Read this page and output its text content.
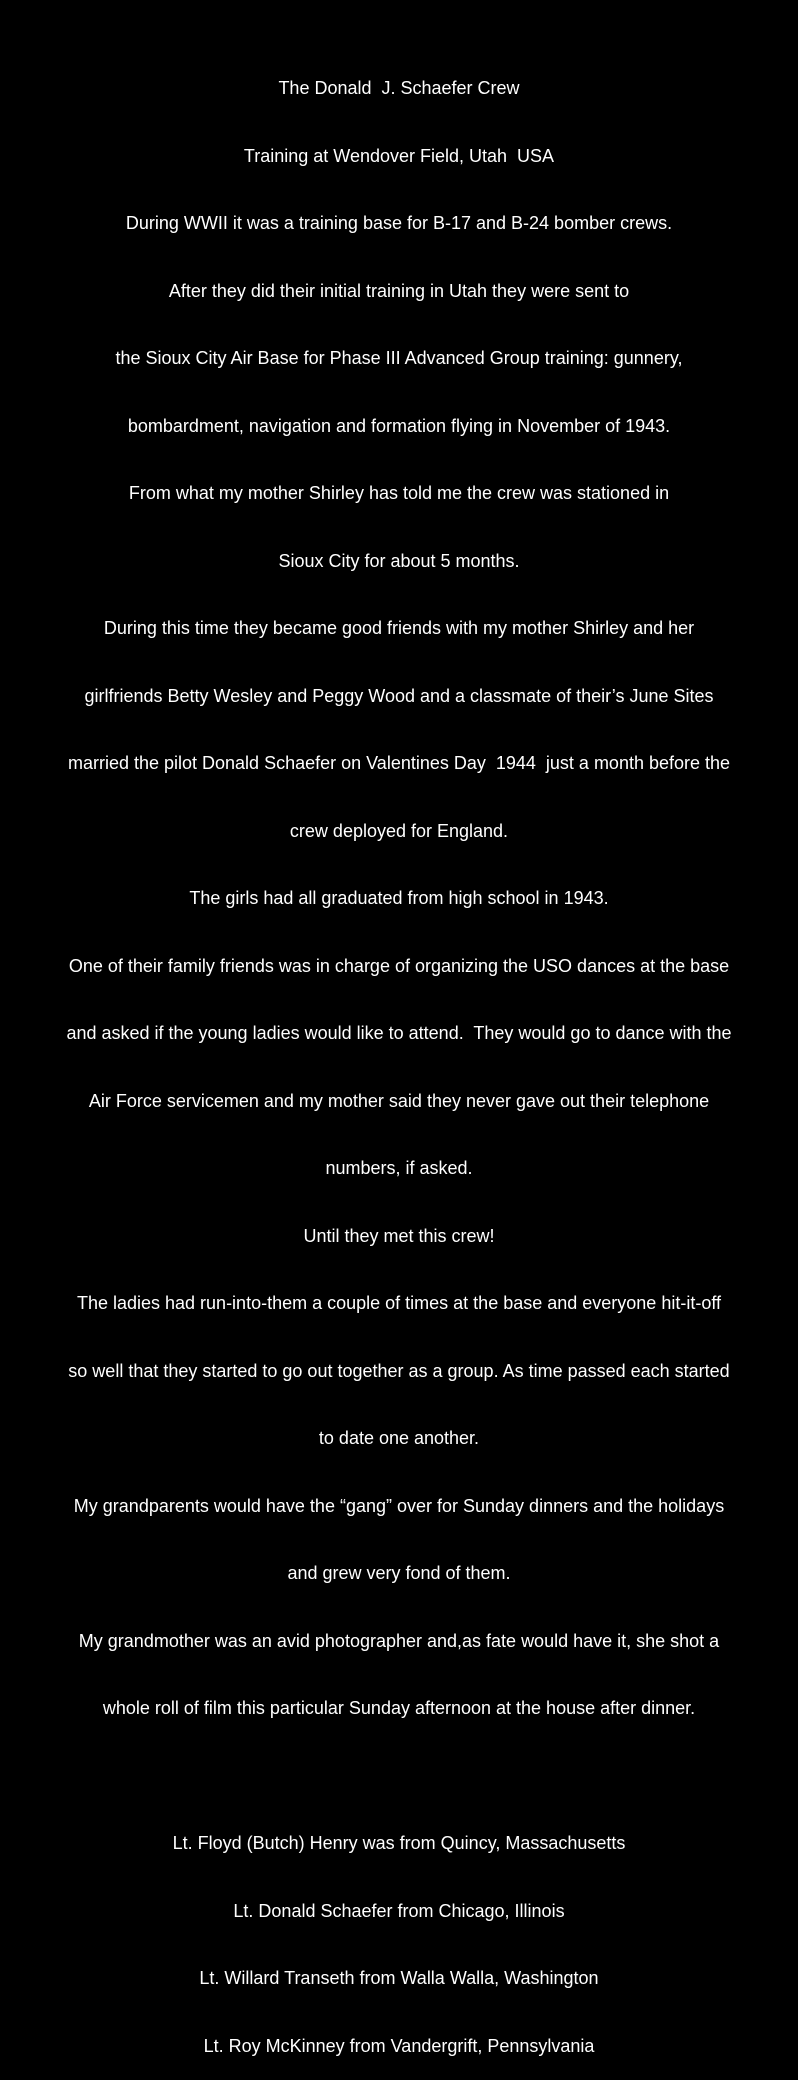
The Donald  J. Schaefer Crew

Training at Wendover Field, Utah  USA

During WWII it was a training base for B-17 and B-24 bomber crews.

After they did their initial training in Utah they were sent to

the Sioux City Air Base for Phase III Advanced Group training: gunnery,

bombardment, navigation and formation flying in November of 1943.

From what my mother Shirley has told me the crew was stationed in

Sioux City for about 5 months.

During this time they became good friends with my mother Shirley and her

girlfriends Betty Wesley and Peggy Wood and a classmate of their’s June Sites

married the pilot Donald Schaefer on Valentines Day  1944  just a month before the

crew deployed for England.

The girls had all graduated from high school in 1943.

One of their family friends was in charge of organizing the USO dances at the base

and asked if the young ladies would like to attend.  They would go to dance with the

Air Force servicemen and my mother said they never gave out their telephone

numbers, if asked.

Until they met this crew!

The ladies had run-into-them a couple of times at the base and everyone hit-it-off

so well that they started to go out together as a group. As time passed each started

to date one another.

My grandparents would have the “gang” over for Sunday dinners and the holidays

and grew very fond of them.

My grandmother was an avid photographer and,as fate would have it, she shot a

whole roll of film this particular Sunday afternoon at the house after dinner.

Lt. Floyd (Butch) Henry was from Quincy, Massachusetts

Lt. Donald Schaefer from Chicago, Illinois

Lt. Willard Transeth from Walla Walla, Washington

Lt. Roy McKinney from Vandergrift, Pennsylvania
